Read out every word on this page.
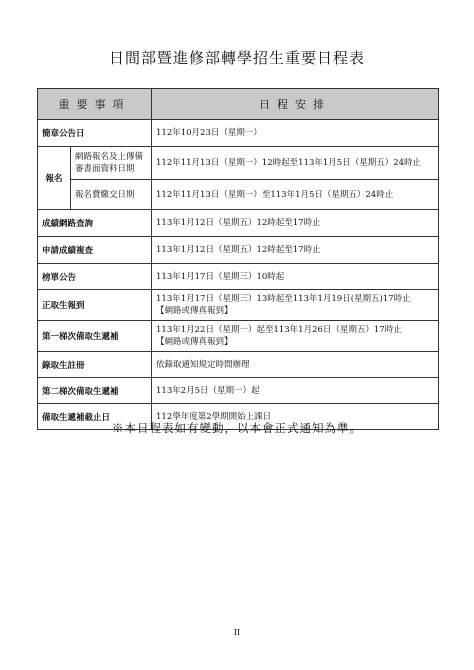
日間部暨進修部轉學招生重要日程表
重要事項		日程安排
簡章公告日		112年10月23日（星期一）
報名	網路報名及上傳備審書面資料日期	112年11月13日（星期一）12時起至113年1月5日（星期五）24時止
	報名費繳交日期	112年11月13日（星期一）至113年1月5日（星期五）24時止
成績網路查詢		113年1月12日（星期五）12時起至17時止
申請成績複查		113年1月12日（星期五）12時起至17時止
榜單公告		113年1月17日（星期三）10時起
正取生報到		113年1月17日（星期三）13時起至113年1月19日(星期五)17時止
【網路或傳真報到】

第一梯次備取生遞補		113年1月22日（星期一）起至113年1月26日（星期五）17時止
【網路或傳真報到】

錄取生註冊		依錄取通知規定時間辦理
第二梯次備取生遞補		113年2月5日（星期一）起
備取生遞補截止日		112學年度第2學期開始上課日
※本日程表如有變動，以本會正式通知為準。
II
